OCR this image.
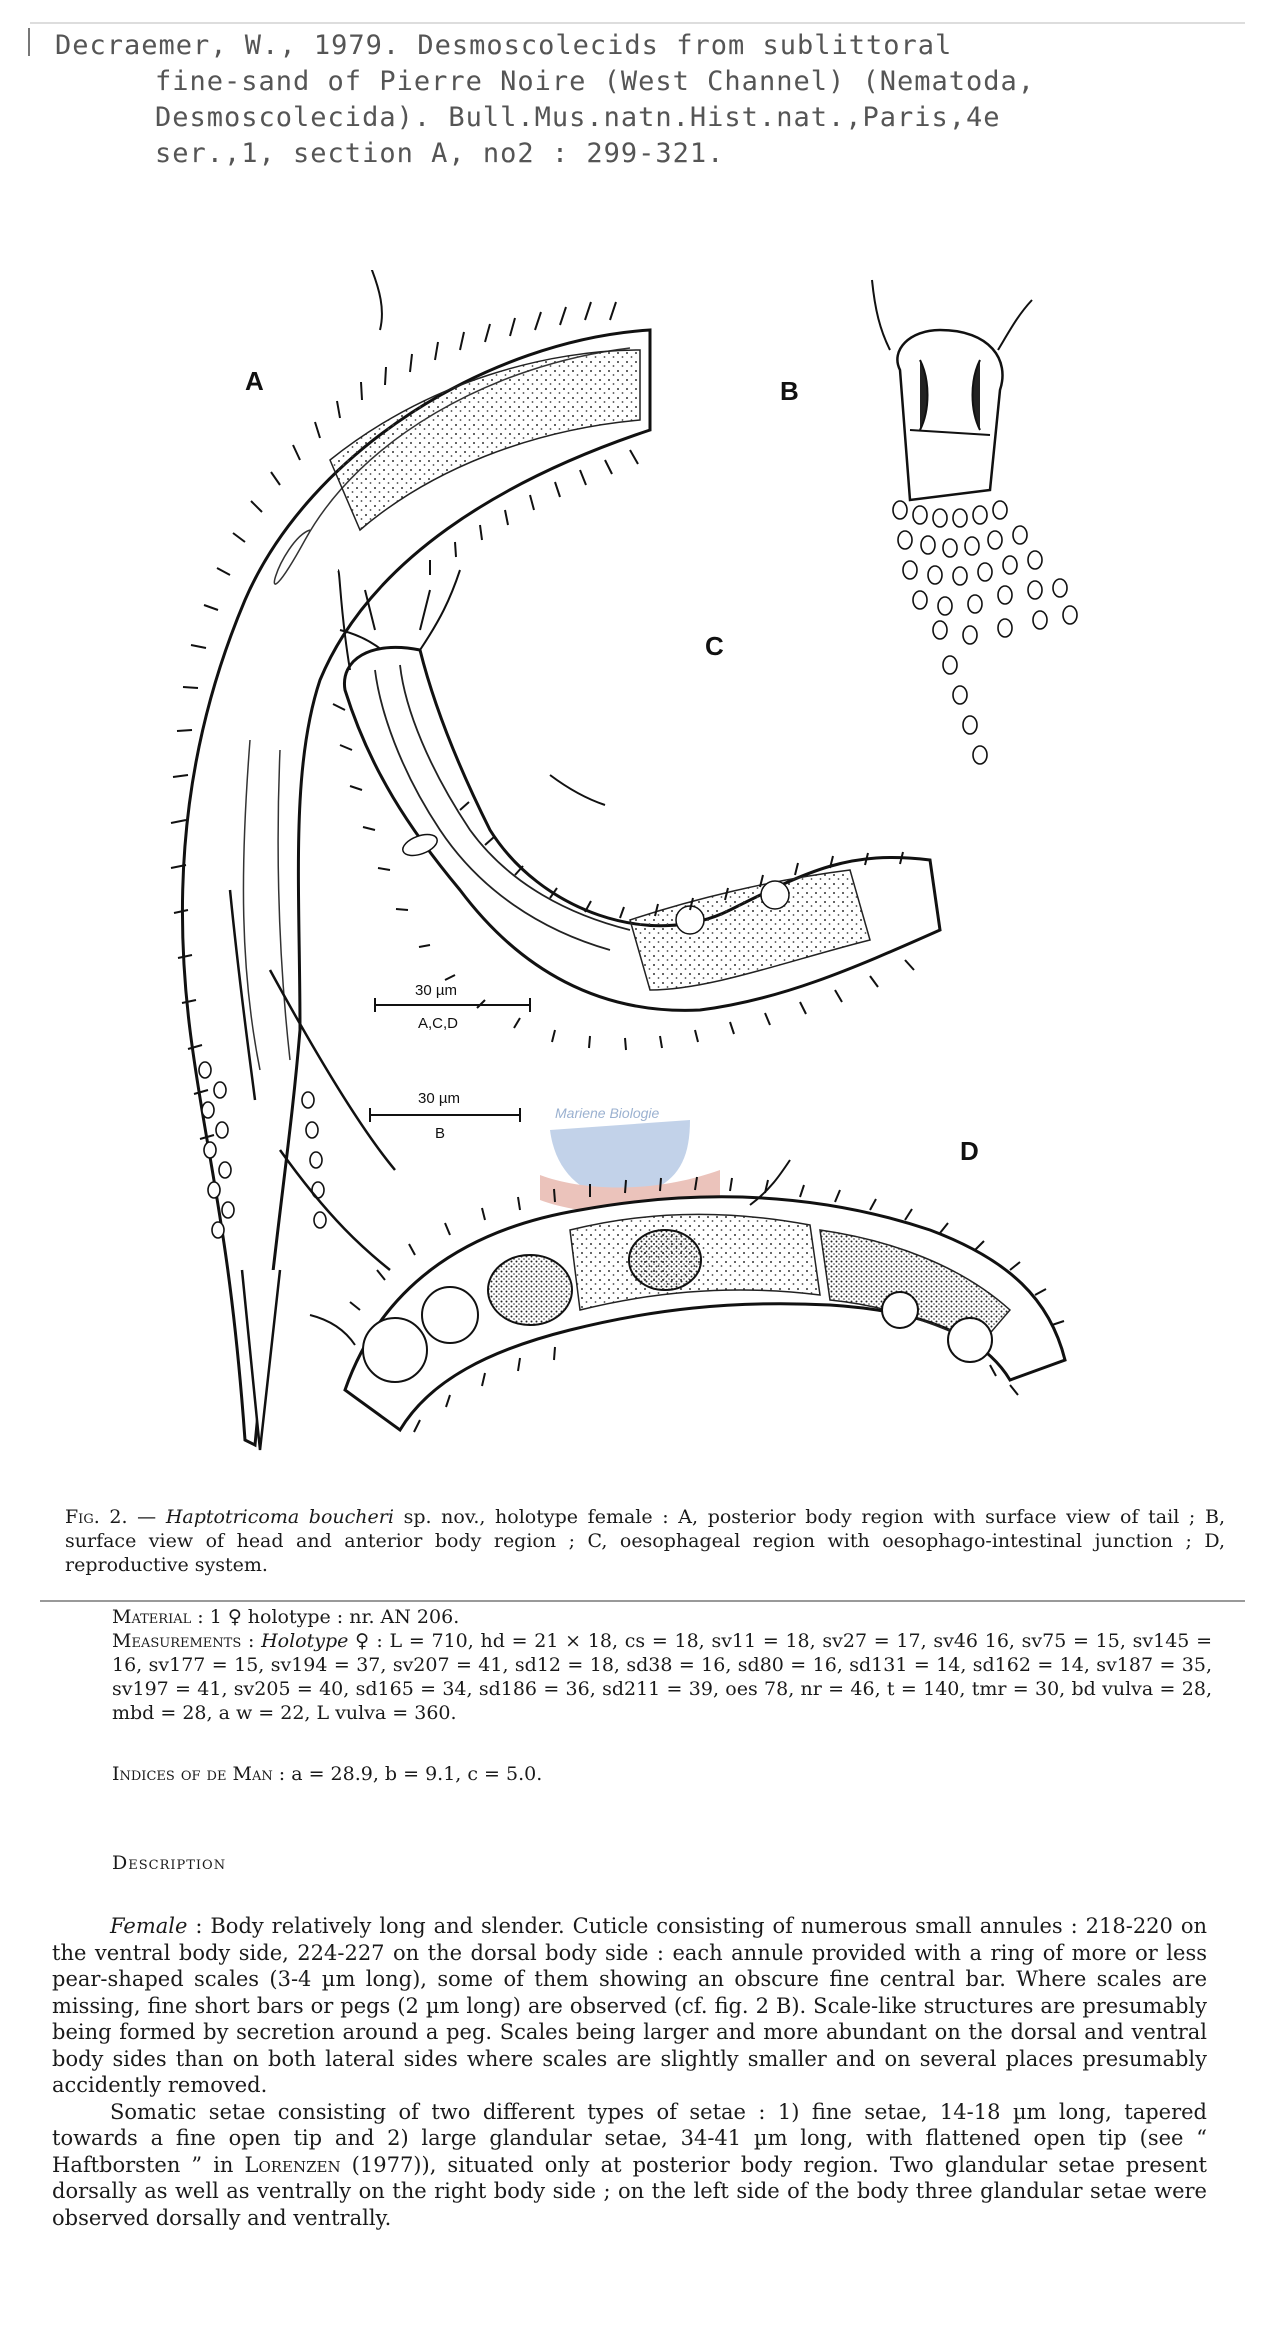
Decraemer, W., 1979. Desmoscolecids from sublittoral
fine-sand of Pierre Noire (West Channel) (Nematoda,
Desmoscolecida). Bull.Mus.natn.Hist.nat.,Paris,4e
ser.,1, section A, no2 : 299-321.
A	B
C
30 µm
A,C,D
30 µm
B
Mariene Biologie
D
Fig. 2. — Haptotricoma boucheri sp. nov., holotype female : A, posterior body region with surface view of tail ; B, surface view of head and anterior body region ; C, oesophageal region with oesophago-intestinal junction ; D, reproductive system.
Material : 1 ♀ holotype : nr. AN 206.
Measurements : Holotype ♀ : L = 710, hd = 21 × 18, cs = 18, sv11 = 18, sv27 = 17, sv46 16, sv75 = 15, sv145 = 16, sv177 = 15, sv194 = 37, sv207 = 41, sd12 = 18, sd38 = 16, sd80 = 16, sd131 = 14, sd162 = 14, sv187 = 35, sv197 = 41, sv205 = 40, sd165 = 34, sd186 = 36, sd211 = 39, oes 78, nr = 46, t = 140, tmr = 30, bd vulva = 28, mbd = 28, a w = 22, L vulva = 360.
Indices of de Man : a = 28.9, b = 9.1, c = 5.0.
Description

Female : Body relatively long and slender. Cuticle consisting of numerous small annules : 218-220 on the ventral body side, 224-227 on the dorsal body side : each annule provided with a ring of more or less pear-shaped scales (3-4 µm long), some of them showing an obscure fine central bar. Where scales are missing, fine short bars or pegs (2 µm long) are observed (cf. fig. 2 B). Scale-like structures are presumably being formed by secretion around a peg. Scales being larger and more abundant on the dorsal and ventral body sides than on both lateral sides where scales are slightly smaller and on several places presumably accidently removed.

Somatic setae consisting of two different types of setae : 1) fine setae, 14-18 µm long, tapered towards a fine open tip and 2) large glandular setae, 34-41 µm long, with flattened open tip (see “ Haftborsten ” in Lorenzen (1977)), situated only at posterior body region. Two glandular setae present dorsally as well as ventrally on the right body side ; on the left side of the body three glandular setae were observed dorsally and ventrally.
